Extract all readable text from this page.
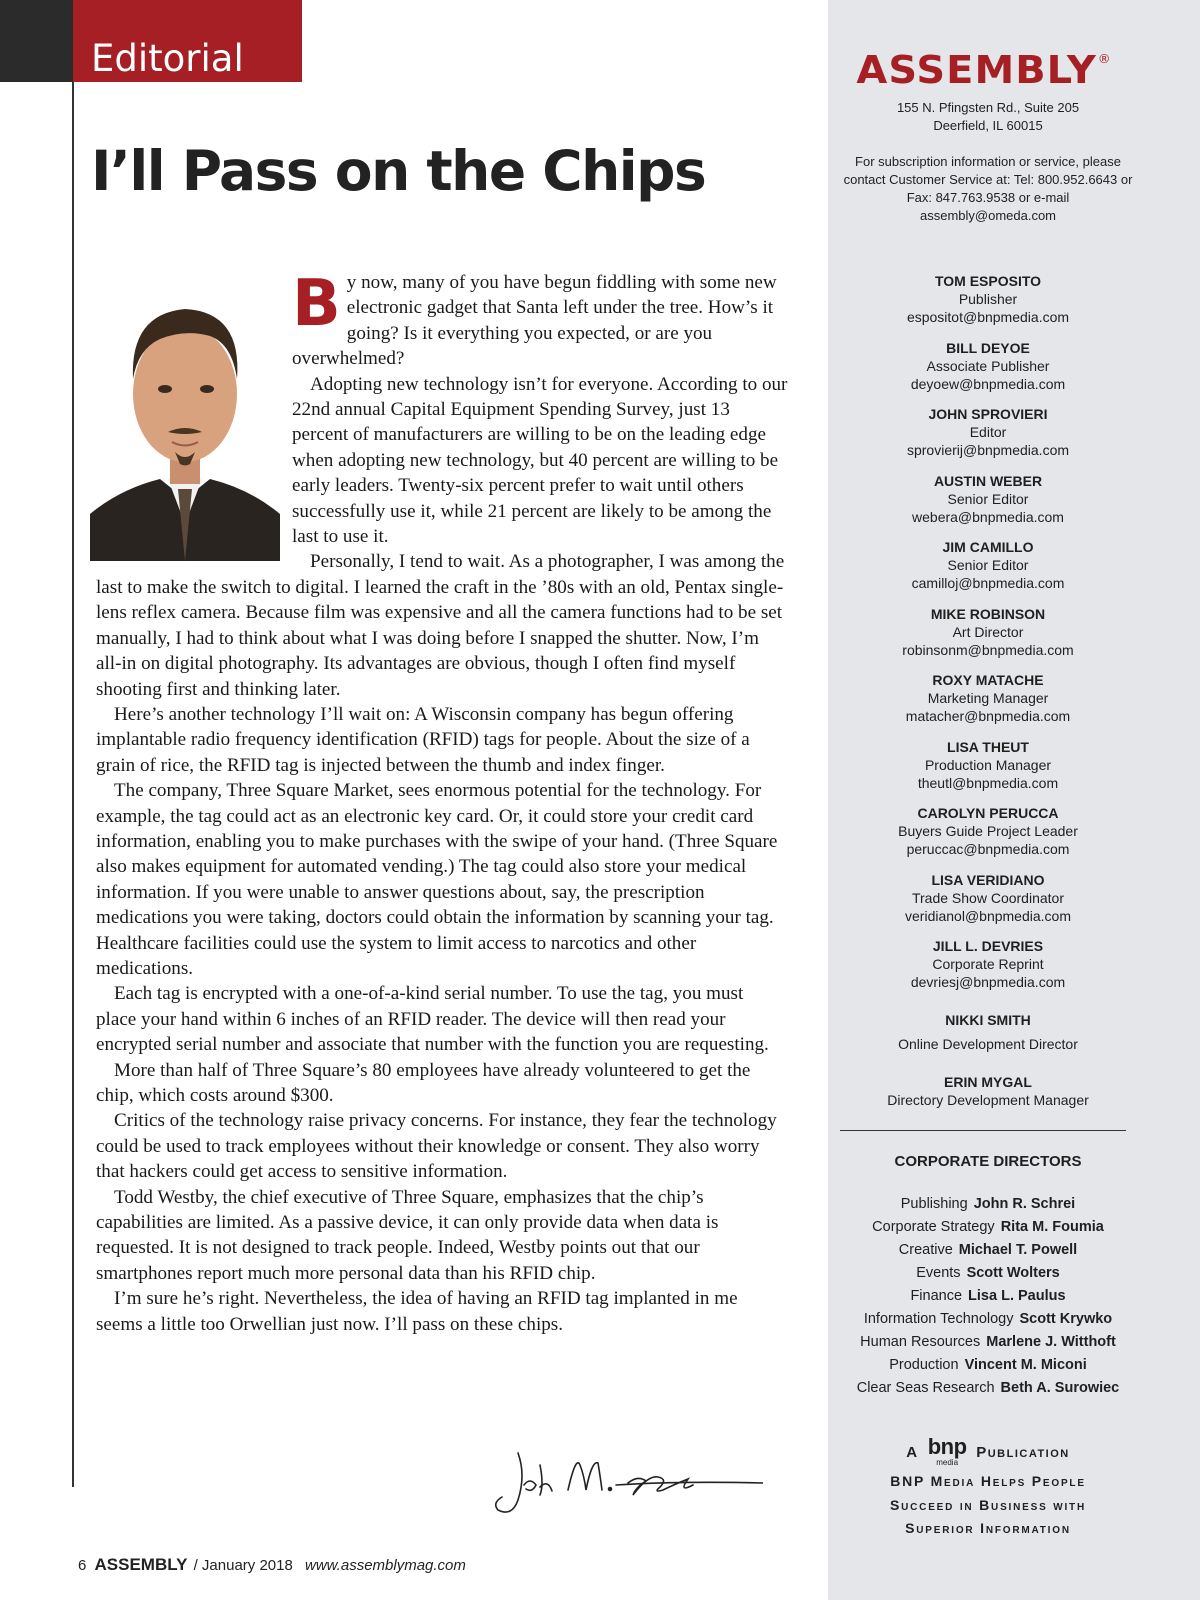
Editorial
I’ll Pass on the Chips

By now, many of you have begun fiddling with some new electronic gadget that Santa left under the tree. How’s it going? Is it everything you expected, or are you overwhelmed?

Adopting new technology isn’t for everyone. According to our 22nd annual Capital Equipment Spending Survey, just 13 percent of manufacturers are willing to be on the leading edge when adopting new technology, but 40 percent are willing to be early leaders. Twenty-six percent prefer to wait until others successfully use it, while 21 percent are likely to be among the last to use it.

Personally, I tend to wait. As a photographer, I was among the last to make the switch to digital. I learned the craft in the ’80s with an old, Pentax single-lens reflex camera. Because film was expensive and all the camera functions had to be set manually, I had to think about what I was doing before I snapped the shutter. Now, I’m all-in on digital photography. Its advantages are obvious, though I often find myself shooting first and thinking later.

Here’s another technology I’ll wait on: A Wisconsin company has begun offering implantable radio frequency identification (RFID) tags for people. About the size of a grain of rice, the RFID tag is injected between the thumb and index finger.

The company, Three Square Market, sees enormous potential for the technology. For example, the tag could act as an electronic key card. Or, it could store your credit card information, enabling you to make purchases with the swipe of your hand. (Three Square also makes equipment for automated vending.) The tag could also store your medical information. If you were unable to answer questions about, say, the prescription medications you were taking, doctors could obtain the information by scanning your tag. Healthcare facilities could use the system to limit access to narcotics and other medications.

Each tag is encrypted with a one-of-a-kind serial number. To use the tag, you must place your hand within 6 inches of an RFID reader. The device will then read your encrypted serial number and associate that number with the function you are requesting.

More than half of Three Square’s 80 employees have already volunteered to get the chip, which costs around $300.

Critics of the technology raise privacy concerns. For instance, they fear the technology could be used to track employees without their knowledge or consent. They also worry that hackers could get access to sensitive information.

Todd Westby, the chief executive of Three Square, emphasizes that the chip’s capabilities are limited. As a passive device, it can only provide data when data is requested. It is not designed to track people. Indeed, Westby points out that our smartphones report much more personal data than his RFID chip.

I’m sure he’s right. Nevertheless, the idea of having an RFID tag implanted in me seems a little too Orwellian just now. I’ll pass on these chips.

6 ASSEMBLY / January 2018 www.assemblymag.com
ASSEMBLY®
155 N. Pfingsten Rd., Suite 205
Deerfield, IL 60015
For subscription information or service, please
contact Customer Service at: Tel: 800.952.6643 or
Fax: 847.763.9538 or e-mail
assembly@omeda.com
TOM ESPOSITO
Publisher
espositot@bnpmedia.com
BILL DEYOE
Associate Publisher
deyoew@bnpmedia.com
JOHN SPROVIERI
Editor
sprovierij@bnpmedia.com
AUSTIN WEBER
Senior Editor
webera@bnpmedia.com
JIM CAMILLO
Senior Editor
camilloj@bnpmedia.com
MIKE ROBINSON
Art Director
robinsonm@bnpmedia.com
ROXY MATACHE
Marketing Manager
matacher@bnpmedia.com
LISA THEUT
Production Manager
theutl@bnpmedia.com
CAROLYN PERUCCA
Buyers Guide Project Leader
peruccac@bnpmedia.com
LISA VERIDIANO
Trade Show Coordinator
veridianol@bnpmedia.com
JILL L. DEVRIES
Corporate Reprint
devriesj@bnpmedia.com
NIKKI SMITH
Online Development Director
ERIN MYGAL
Directory Development Manager
CORPORATE DIRECTORS
Publishing John R. Schrei
Corporate Strategy Rita M. Foumia
Creative Michael T. Powell
Events Scott Wolters
Finance Lisa L. Paulus
Information Technology Scott Krywko
Human Resources Marlene J. Witthoft
Production Vincent M. Miconi
Clear Seas Research Beth A. Surowiec
A bnp
media
Publication
BNP Media Helps People
Succeed in Business with
Superior Information
